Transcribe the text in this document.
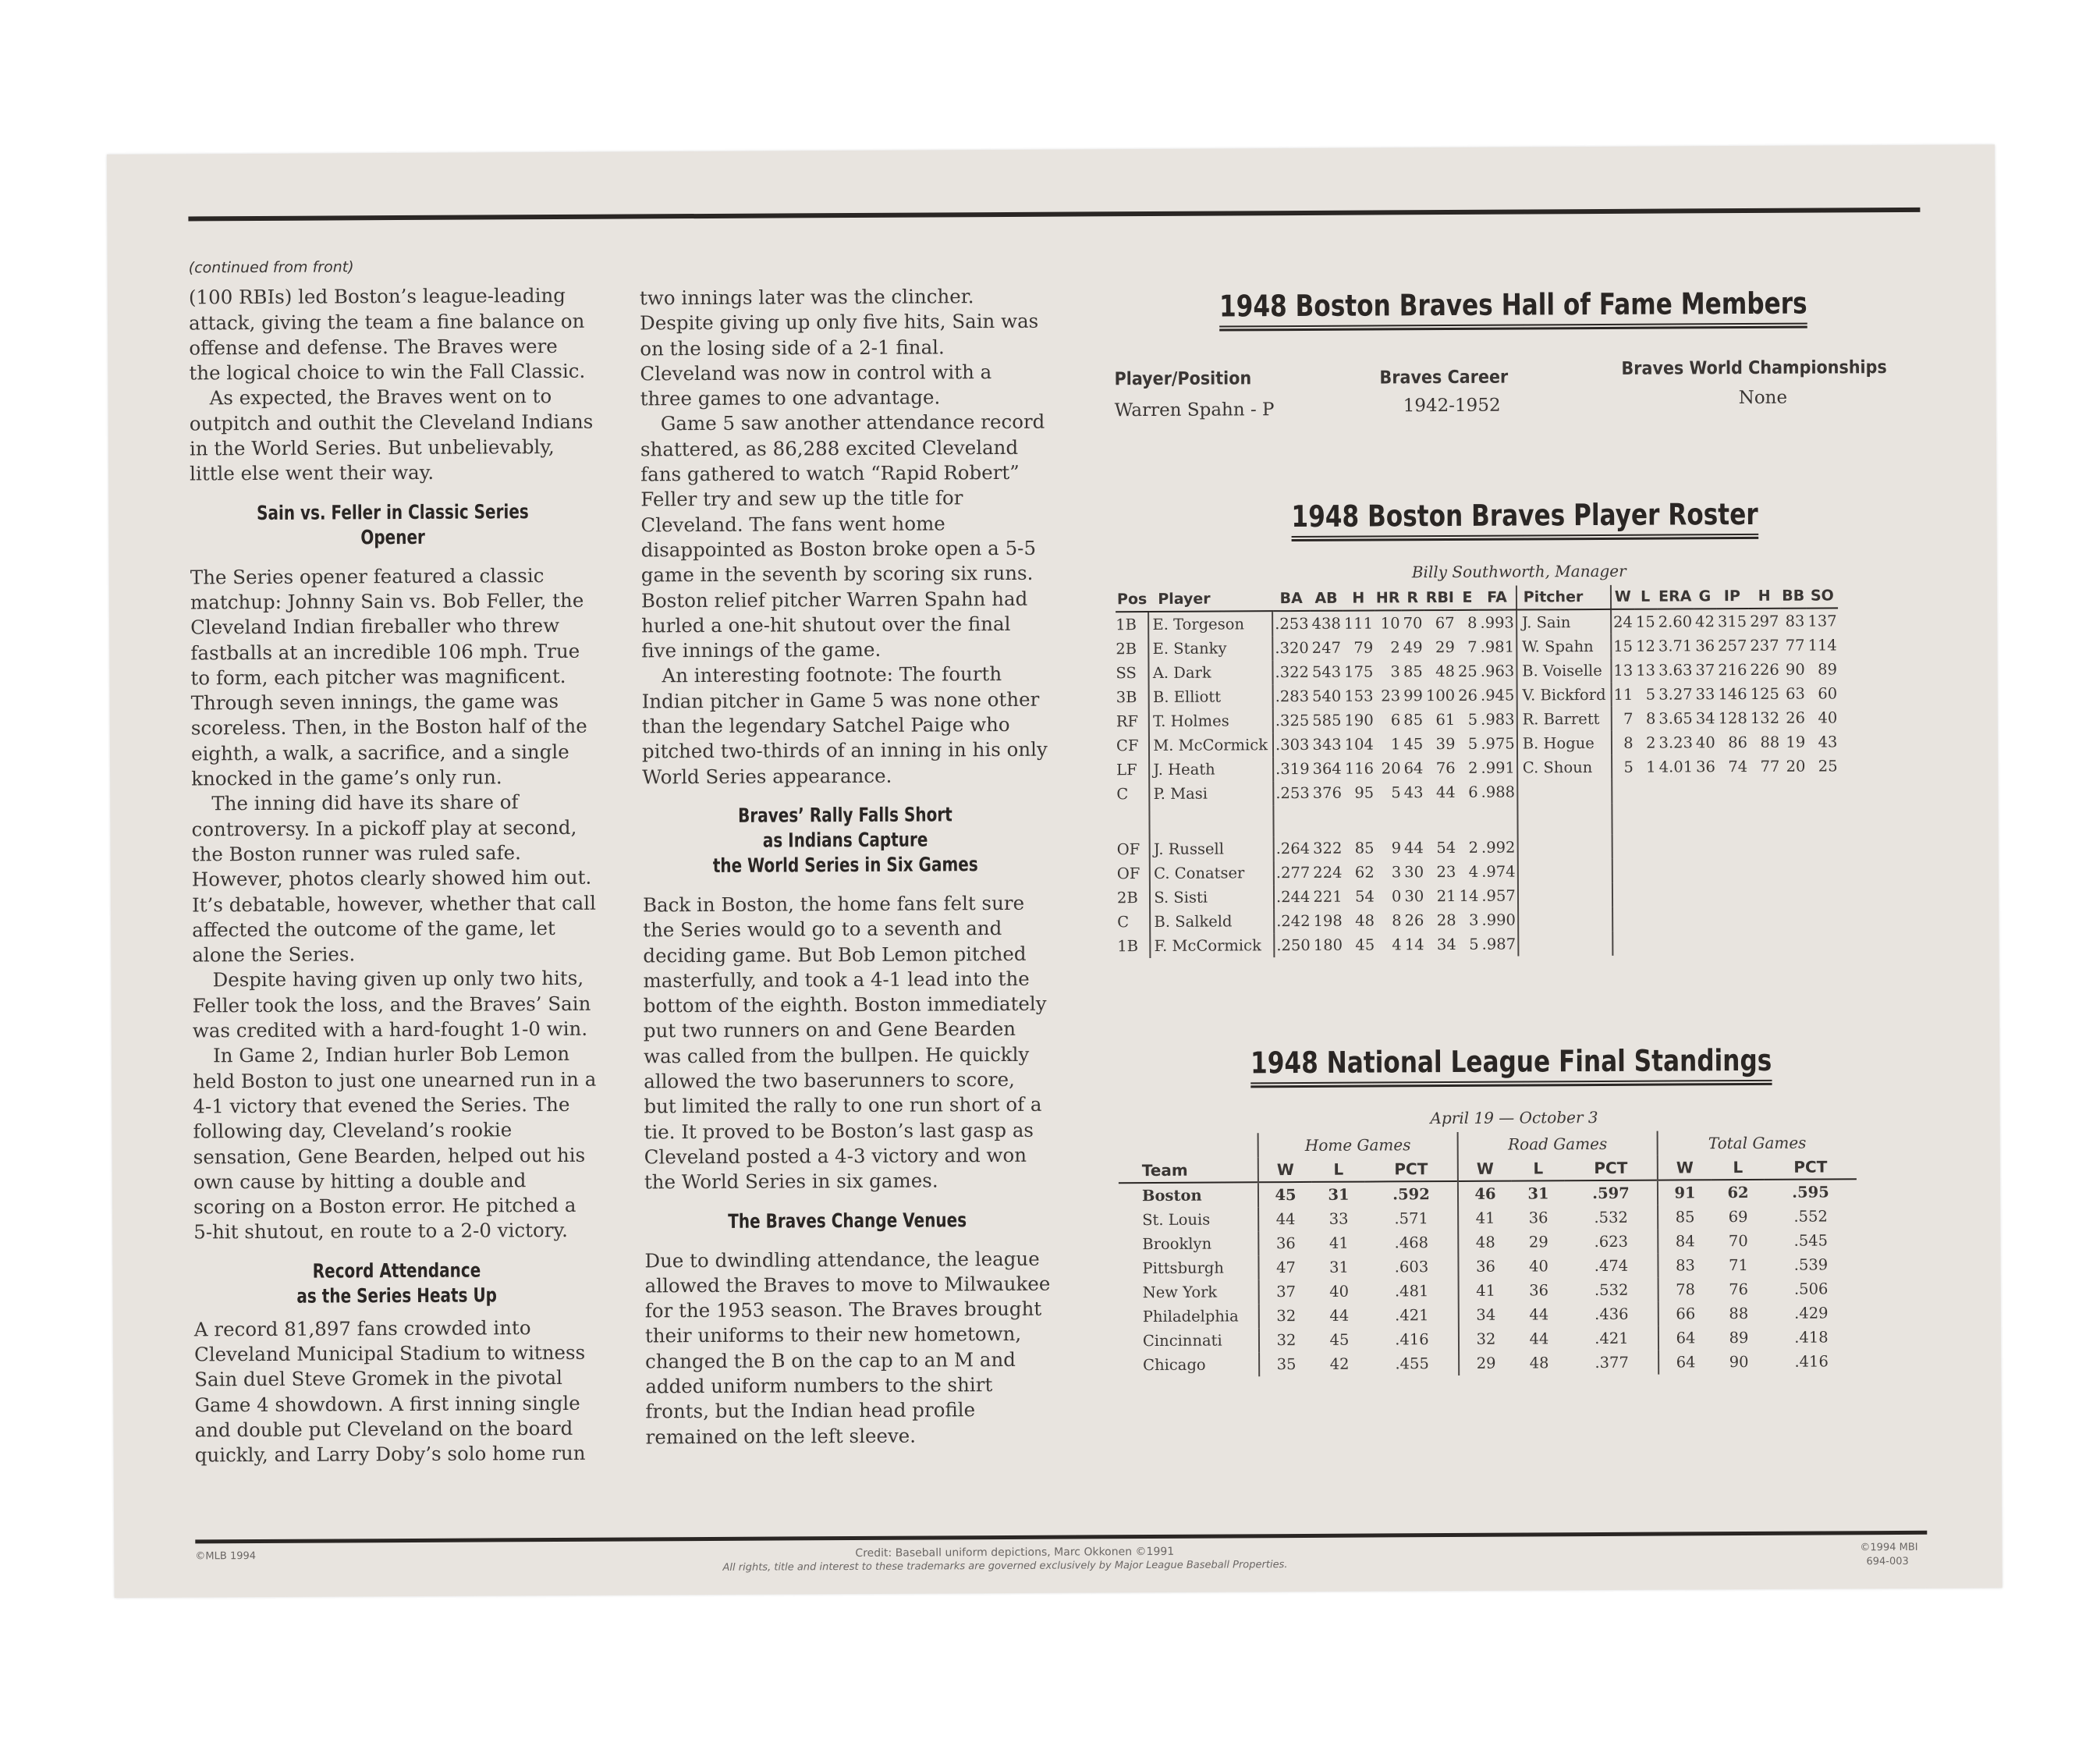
(continued from front)

(100 RBIs) led Boston’s league-leading attack, giving the team a fine balance on offense and defense. The Braves were the logical choice to win the Fall Classic.

As expected, the Braves went on to outpitch and outhit the Cleveland Indians in the World Series. But unbelievably, little else went their way.

Sain vs. Feller in Classic Series Opener

The Series opener featured a classic matchup: Johnny Sain vs. Bob Feller, the Cleveland Indian fireballer who threw fastballs at an incredible 106 mph. True to form, each pitcher was magnificent. Through seven innings, the game was scoreless. Then, in the Boston half of the eighth, a walk, a sacrifice, and a single knocked in the game’s only run.

The inning did have its share of controversy. In a pickoff play at second, the Boston runner was ruled safe. However, photos clearly showed him out. It’s debatable, however, whether that call affected the outcome of the game, let alone the Series.

Despite having given up only two hits, Feller took the loss, and the Braves’ Sain was credited with a hard-fought 1-0 win.

In Game 2, Indian hurler Bob Lemon held Boston to just one unearned run in a 4-1 victory that evened the Series. The following day, Cleveland’s rookie sensation, Gene Bearden, helped out his own cause by hitting a double and scoring on a Boston error. He pitched a 5-hit shutout, en route to a 2-0 victory.

Record Attendance
as the Series Heats Up

A record 81,897 fans crowded into Cleveland Municipal Stadium to witness Sain duel Steve Gromek in the pivotal Game 4 showdown. A first inning single and double put Cleveland on the board quickly, and Larry Doby’s solo home run

two innings later was the clincher. Despite giving up only five hits, Sain was on the losing side of a 2-1 final. Cleveland was now in control with a three games to one advantage.

Game 5 saw another attendance record shattered, as 86,288 excited Cleveland fans gathered to watch “Rapid Robert” Feller try and sew up the title for Cleveland. The fans went home disappointed as Boston broke open a 5-5 game in the seventh by scoring six runs. Boston relief pitcher Warren Spahn had hurled a one-hit shutout over the final five innings of the game.

An interesting footnote: The fourth Indian pitcher in Game 5 was none other than the legendary Satchel Paige who pitched two-thirds of an inning in his only World Series appearance.

Braves’ Rally Falls Short
as Indians Capture
the World Series in Six Games

Back in Boston, the home fans felt sure the Series would go to a seventh and deciding game. But Bob Lemon pitched masterfully, and took a 4-1 lead into the bottom of the eighth. Boston immediately put two runners on and Gene Bearden was called from the bullpen. He quickly allowed the two baserunners to score, but limited the rally to one run short of a tie. It proved to be Boston’s last gasp as Cleveland posted a 4-3 victory and won the World Series in six games.

The Braves Change Venues

Due to dwindling attendance, the league allowed the Braves to move to Milwaukee for the 1953 season. The Braves brought their uniforms to their new hometown, changed the B on the cap to an M and added uniform numbers to the shirt fronts, but the Indian head profile remained on the left sleeve.

1948 Boston Braves Hall of Fame Members
Player/Position	Braves Career	Braves World Championships
Warren Spahn - P	1942-1952	None
1948 Boston Braves Player Roster
Billy Southworth, Manager
Pos	Player	BA	AB	H	HR	R	RBI	E	FA	Pitcher	W	L	ERA	G	IP	H	BB	SO
1B	E. Torgeson	.253	438	111	10	70	67	8	.993	J. Sain	24	15	2.60	42	315	297	83	137
2B	E. Stanky	.320	247	79	2	49	29	7	.981	W. Spahn	15	12	3.71	36	257	237	77	114
SS	A. Dark	.322	543	175	3	85	48	25	.963	B. Voiselle	13	13	3.63	37	216	226	90	89
3B	B. Elliott	.283	540	153	23	99	100	26	.945	V. Bickford	11	5	3.27	33	146	125	63	60
RF	T. Holmes	.325	585	190	6	85	61	5	.983	R. Barrett	7	8	3.65	34	128	132	26	40
CF	M. McCormick	.303	343	104	1	45	39	5	.975	B. Hogue	8	2	3.23	40	86	88	19	43
LF	J. Heath	.319	364	116	20	64	76	2	.991	C. Shoun	5	1	4.01	36	74	77	20	25
C	P. Masi	.253	376	95	5	43	44	6	.988									

OF	J. Russell	.264	322	85	9	44	54	2	.992									
OF	C. Conatser	.277	224	62	3	30	23	4	.974									
2B	S. Sisti	.244	221	54	0	30	21	14	.957									
C	B. Salkeld	.242	198	48	8	26	28	3	.990									
1B	F. McCormick	.250	180	45	4	14	34	5	.987									
1948 National League Final Standings
April 19 — October 3
	Home Games			Road Games			Total Games		
Team	W	L	PCT	W	L	PCT	W	L	PCT
Boston	45	31	.592	46	31	.597	91	62	.595
St. Louis	44	33	.571	41	36	.532	85	69	.552
Brooklyn	36	41	.468	48	29	.623	84	70	.545
Pittsburgh	47	31	.603	36	40	.474	83	71	.539
New York	37	40	.481	41	36	.532	78	76	.506
Philadelphia	32	44	.421	34	44	.436	66	88	.429
Cincinnati	32	45	.416	32	44	.421	64	89	.418
Chicago	35	42	.455	29	48	.377	64	90	.416
©MLB 1994	Credit: Baseball uniform depictions, Marc Okkonen ©1991
All rights, title and interest to these trademarks are governed exclusively by Major League Baseball Properties.
©1994 MBI
694-003
